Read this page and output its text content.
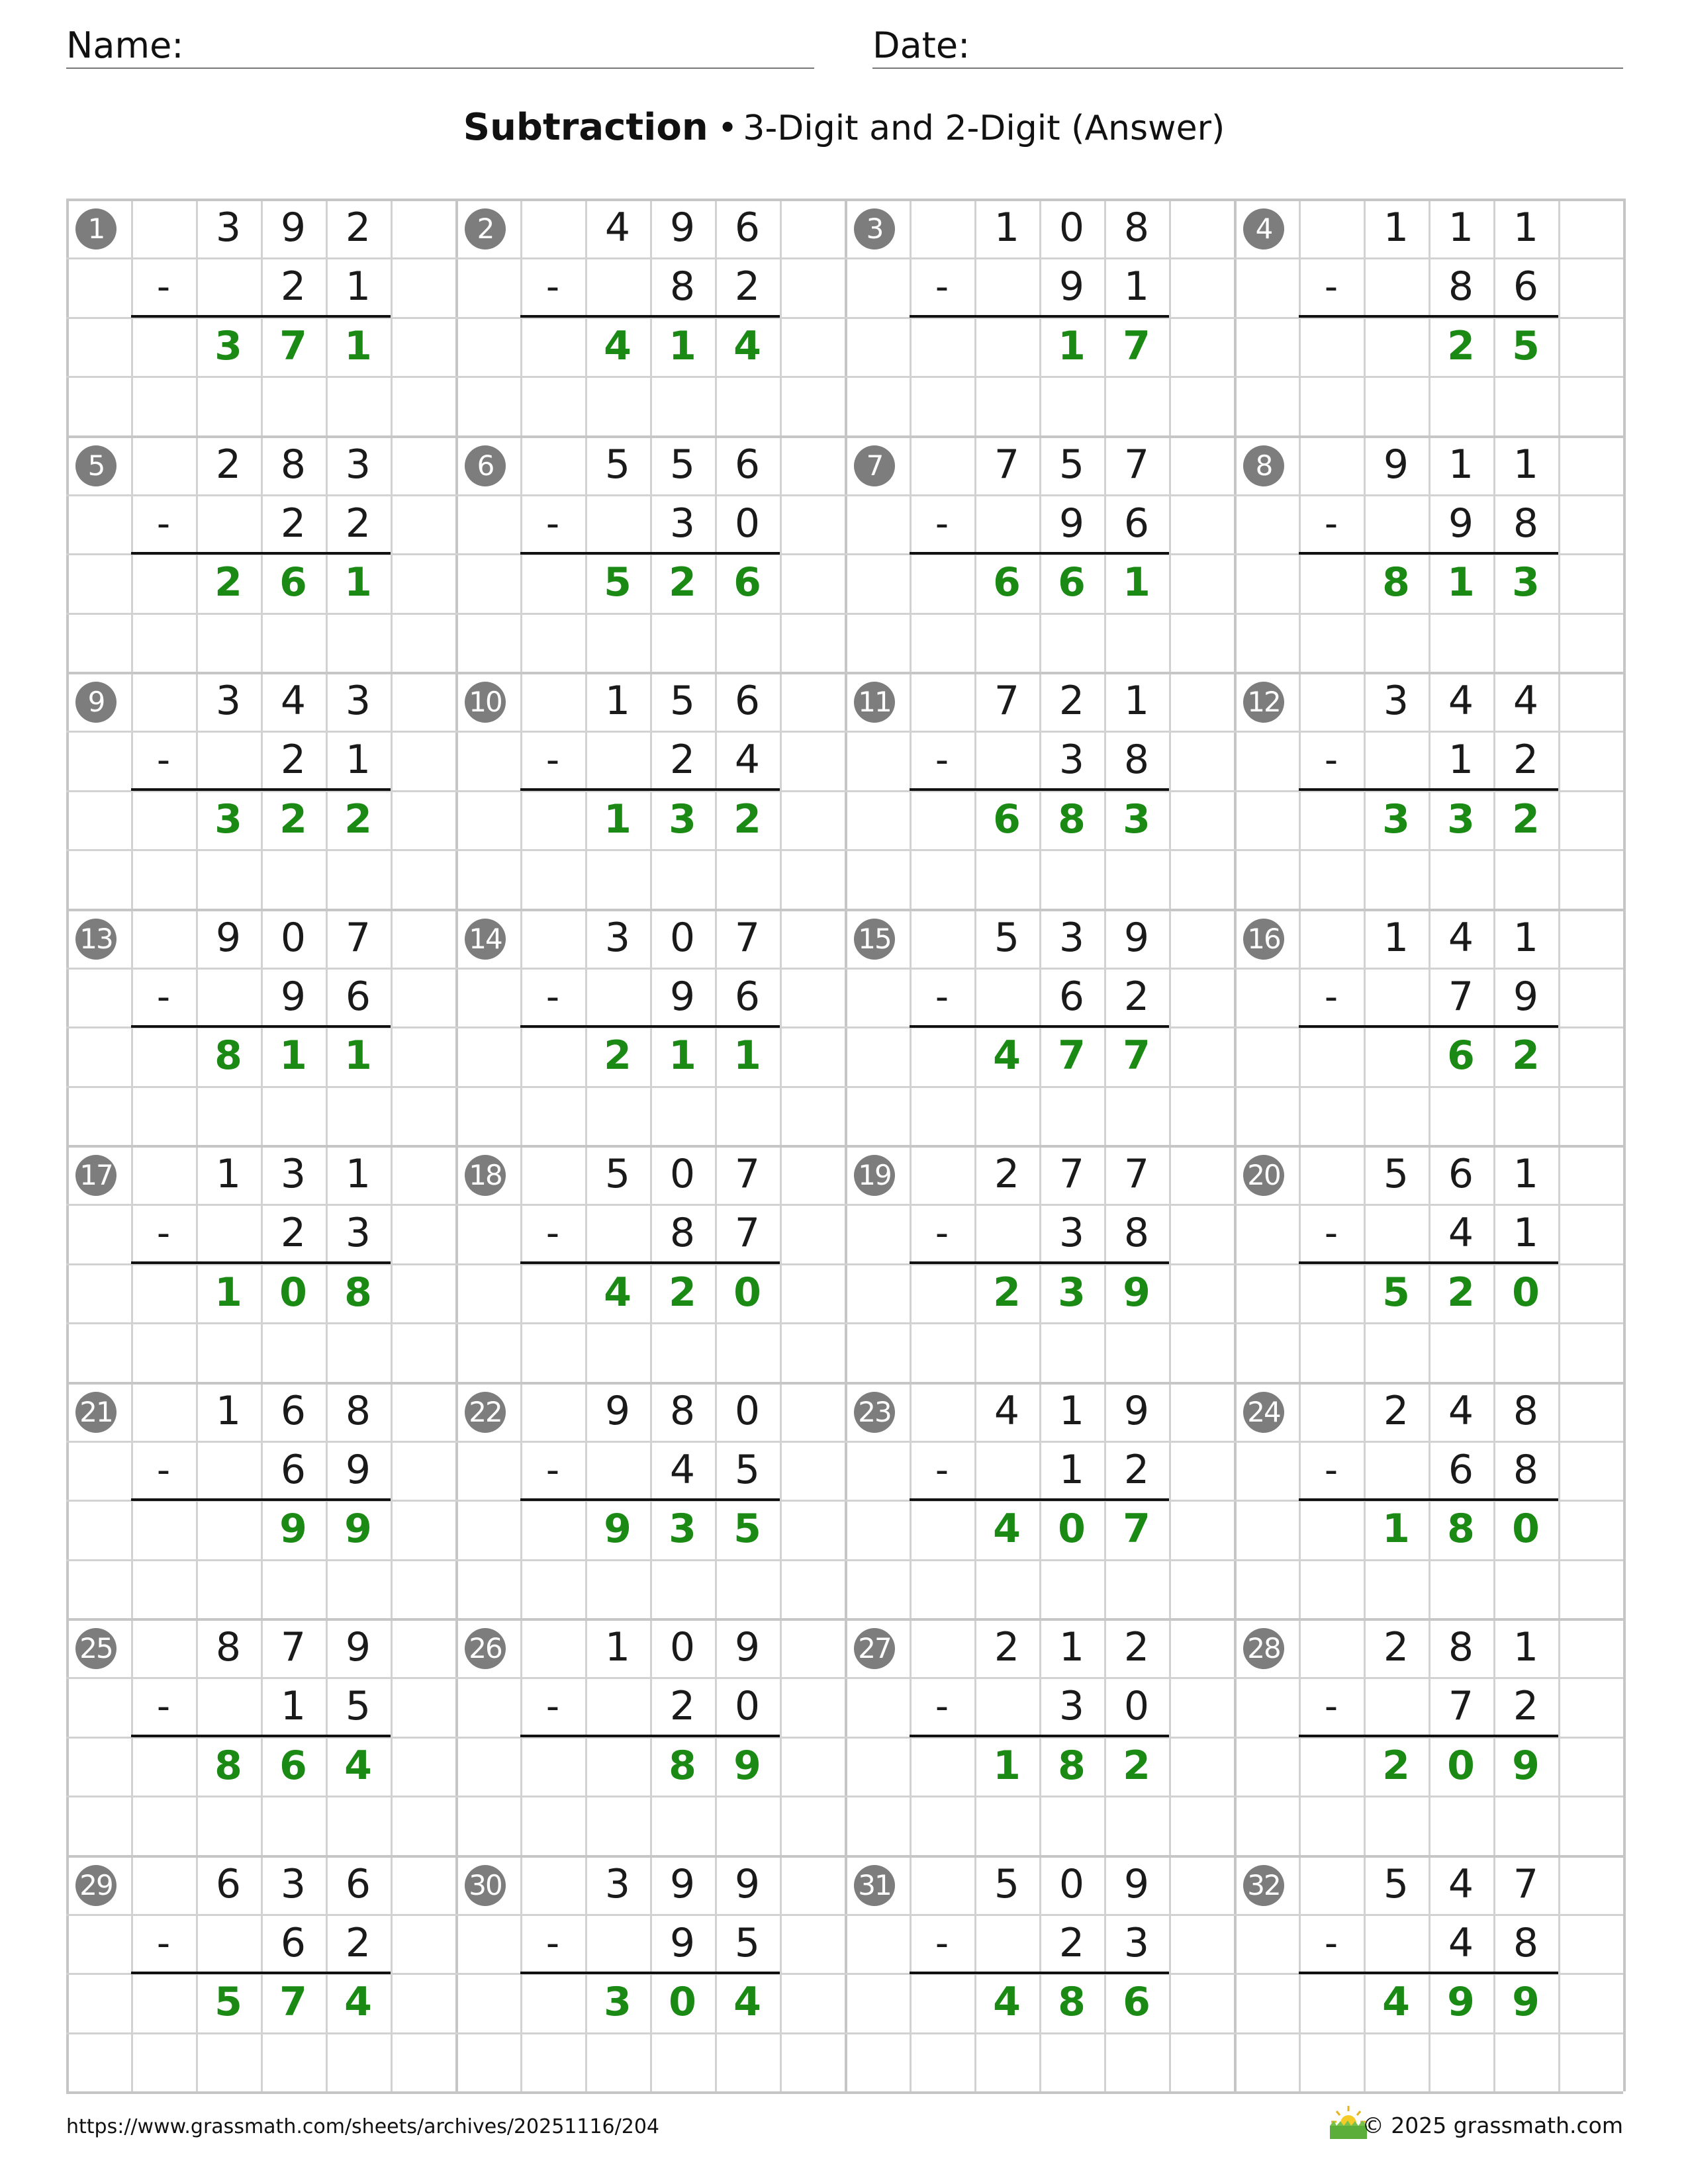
Name:	Date:
Subtraction • 3-Digit and 2-Digit (Answer)
1	3 9 2
2 1
3 7 1
-
2	4 9 6
8 2
4 1 4
-
3	1 0 8
9 1
1 7
-
4	1 1 1
8 6
2 5
-
5	2 8 3
2 2
2 6 1
-
6	5 5 6
3 0
5 2 6
-
7	7 5 7
9 6
6 6 1
-
8	9 1 1
9 8
8 1 3
-
9	3 4 3
2 1
3 2 2
-
10	1 5 6
2 4
1 3 2
-
11	7 2 1
3 8
6 8 3
-
12	3 4 4
1 2
3 3 2
-
13	9 0 7
9 6
8 1 1
-
14	3 0 7
9 6
2 1 1
-
15	5 3 9
6 2
4 7 7
-
16	1 4 1
7 9
6 2
-
17	1 3 1
2 3
1 0 8
-
18	5 0 7
8 7
4 2 0
-
19	2 7 7
3 8
2 3 9
-
20	5 6 1
4 1
5 2 0
-
21	1 6 8
6 9
9 9
-
22	9 8 0
4 5
9 3 5
-
23	4 1 9
1 2
4 0 7
-
24	2 4 8
6 8
1 8 0
-
25	8 7 9
1 5
8 6 4
-
26	1 0 9
2 0
8 9
-
27	2 1 2
3 0
1 8 2
-
28	2 8 1
7 2
2 0 9
-
29	6 3 6
6 2
5 7 4
-
30	3 9 9
9 5
3 0 4
-
31	5 0 9
2 3
4 8 6
-
32	5 4 7
4 8
4 9 9
-
https://www.grassmath.com/sheets/archives/20251116/204	© 2025 grassmath.com
